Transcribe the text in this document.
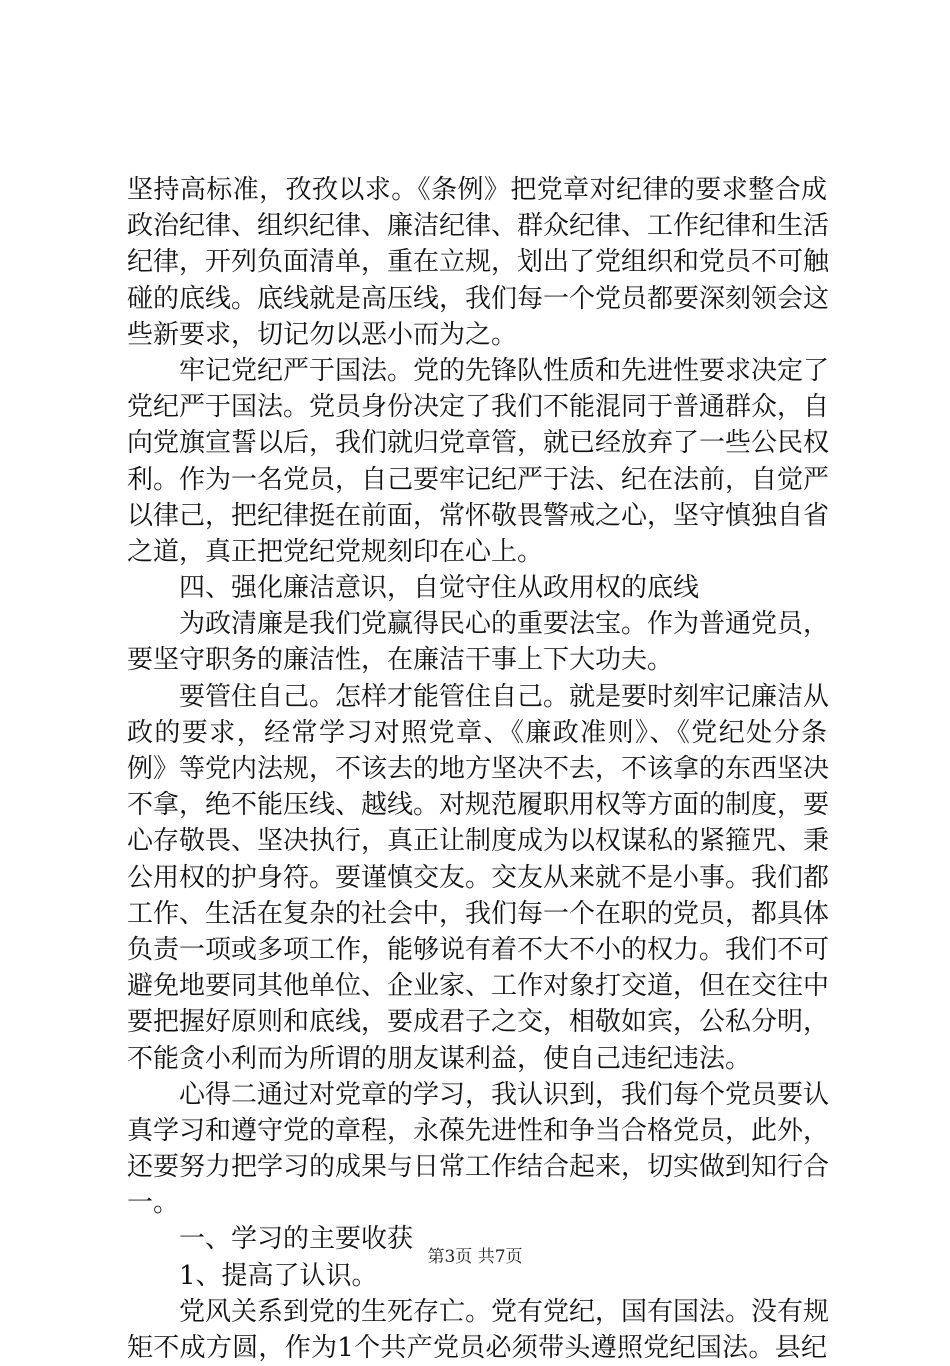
坚持高标准，孜孜以求。《条例》把党章对纪律的要求整合成
政治纪律、组织纪律、廉洁纪律、群众纪律、工作纪律和生活
纪律，开列负面清单，重在立规，划出了党组织和党员不可触
碰的底线。底线就是高压线，我们每一个党员都要深刻领会这
些新要求，切记勿以恶小而为之。
牢记党纪严于国法。党的先锋队性质和先进性要求决定了
党纪严于国法。党员身份决定了我们不能混同于普通群众，自
向党旗宣誓以后，我们就归党章管，就已经放弃了一些公民权
利。作为一名党员，自己要牢记纪严于法、纪在法前，自觉严
以律己，把纪律挺在前面，常怀敬畏警戒之心，坚守慎独自省
之道，真正把党纪党规刻印在心上。
四、强化廉洁意识，自觉守住从政用权的底线
为政清廉是我们党赢得民心的重要法宝。作为普通党员，
要坚守职务的廉洁性，在廉洁干事上下大功夫。
要管住自己。怎样才能管住自己。就是要时刻牢记廉洁从
政的要求，经常学习对照党章、《廉政准则》、《党纪处分条
例》等党内法规，不该去的地方坚决不去，不该拿的东西坚决
不拿，绝不能压线、越线。对规范履职用权等方面的制度，要
心存敬畏、坚决执行，真正让制度成为以权谋私的紧箍咒、秉
公用权的护身符。要谨慎交友。交友从来就不是小事。我们都
工作、生活在复杂的社会中，我们每一个在职的党员，都具体
负责一项或多项工作，能够说有着不大不小的权力。我们不可
避免地要同其他单位、企业家、工作对象打交道，但在交往中
要把握好原则和底线，要成君子之交，相敬如宾，公私分明，
不能贪小利而为所谓的朋友谋利益，使自己违纪违法。
心得二通过对党章的学习，我认识到，我们每个党员要认
真学习和遵守党的章程，永葆先进性和争当合格党员，此外，
还要努力把学习的成果与日常工作结合起来，切实做到知行合
一。
一、学习的主要收获
1、提高了认识。
党风关系到党的生死存亡。党有党纪，国有国法。没有规
矩不成方圆，作为1个共产党员必须带头遵照党纪国法。县纪
第3页 共7页
